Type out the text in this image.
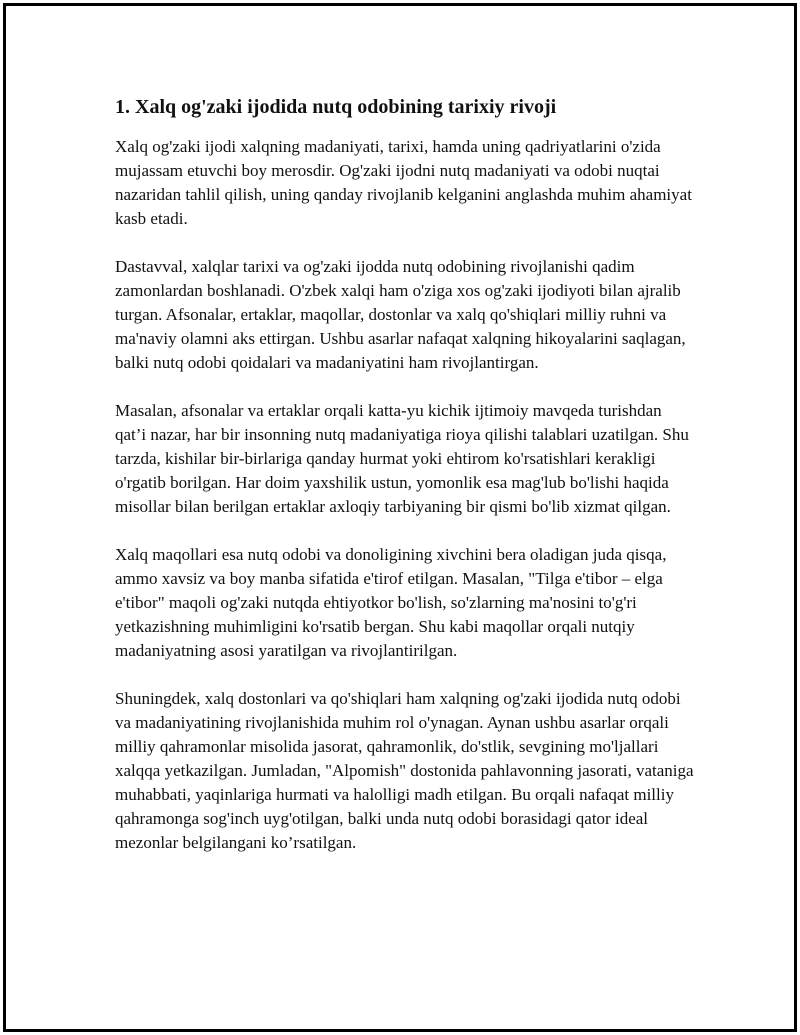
1. Xalq og'zaki ijodida nutq odobining tarixiy rivoji

Xalq og'zaki ijodi xalqning madaniyati, tarixi, hamda uning qadriyatlarini o'zida mujassam etuvchi boy merosdir. Og'zaki ijodni nutq madaniyati va odobi nuqtai nazaridan tahlil qilish, uning qanday rivojlanib kelganini anglashda muhim ahamiyat kasb etadi.

Dastavval, xalqlar tarixi va og'zaki ijodda nutq odobining rivojlanishi qadim zamonlardan boshlanadi. O'zbek xalqi ham o'ziga xos og'zaki ijodiyoti bilan ajralib turgan. Afsonalar, ertaklar, maqollar, dostonlar va xalq qo'shiqlari milliy ruhni va ma'naviy olamni aks ettirgan. Ushbu asarlar nafaqat xalqning hikoyalarini saqlagan, balki nutq odobi qoidalari va madaniyatini ham rivojlantirgan.

Masalan, afsonalar va ertaklar orqali katta-yu kichik ijtimoiy mavqeda turishdan qat’i nazar, har bir insonning nutq madaniyatiga rioya qilishi talablari uzatilgan. Shu tarzda, kishilar bir-birlariga qanday hurmat yoki ehtirom ko'rsatishlari kerakligi o'rgatib borilgan. Har doim yaxshilik ustun, yomonlik esa mag'lub bo'lishi haqida misollar bilan berilgan ertaklar axloqiy tarbiyaning bir qismi bo'lib xizmat qilgan.

Xalq maqollari esa nutq odobi va donoligining xivchini bera oladigan juda qisqa, ammo xavsiz va boy manba sifatida e'tirof etilgan. Masalan, "Tilga e'tibor – elga e'tibor" maqoli og'zaki nutqda ehtiyotkor bo'lish, so'zlarning ma'nosini to'g'ri yetkazishning muhimligini ko'rsatib bergan. Shu kabi maqollar orqali nutqiy madaniyatning asosi yaratilgan va rivojlantirilgan.

Shuningdek, xalq dostonlari va qo'shiqlari ham xalqning og'zaki ijodida nutq odobi va madaniyatining rivojlanishida muhim rol o'ynagan. Aynan ushbu asarlar orqali milliy qahramonlar misolida jasorat, qahramonlik, do'stlik, sevgining mo'ljallari xalqqa yetkazilgan. Jumladan, "Alpomish" dostonida pahlavonning jasorati, vataniga muhabbati, yaqinlariga hurmati va halolligi madh etilgan. Bu orqali nafaqat milliy qahramonga sog'inch uyg'otilgan, balki unda nutq odobi borasidagi qator ideal mezonlar belgilangani ko’rsatilgan.
